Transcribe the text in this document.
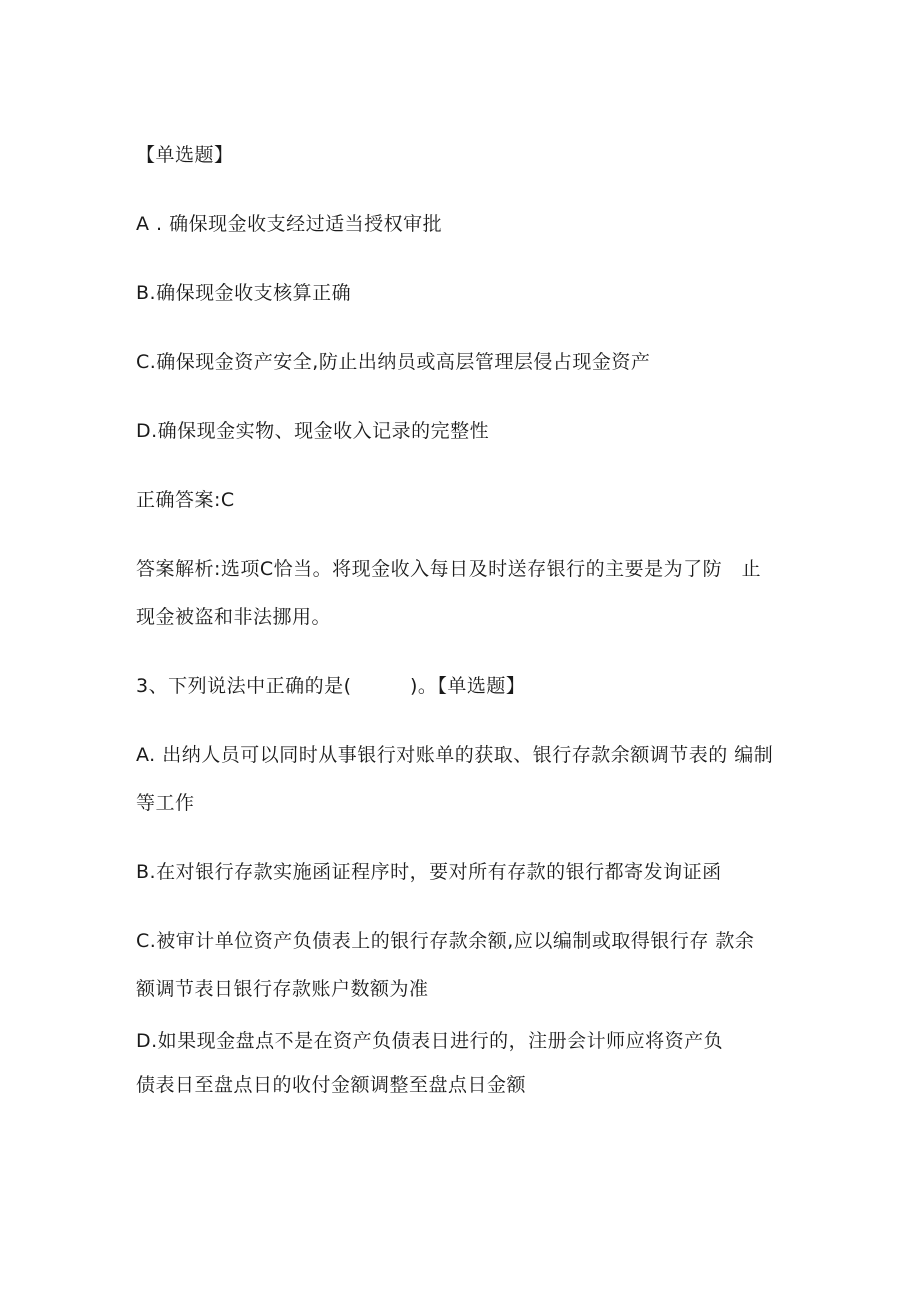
【单选题】
A . 确保现金收支经过适当授权审批
B.确保现金收支核算正确
C.确保现金资产安全,防止出纳员或高层管理层侵占现金资产
D.确保现金实物、现金收入记录的完整性
正确答案:C
答案解析:选项C恰当。将现金收入每日及时送存银行的主要是为了防　止
现金被盗和非法挪用。
3、下列说法中正确的是(　　　)。【单选题】
A. 出纳人员可以同时从事银行对账单的获取、银行存款余额调节表的 编制
等工作
B.在对银行存款实施函证程序时，要对所有存款的银行都寄发询证函
C.被审计单位资产负债表上的银行存款余额,应以编制或取得银行存 款余
额调节表日银行存款账户数额为准
D.如果现金盘点不是在资产负债表日进行的，注册会计师应将资产负
债表日至盘点日的收付金额调整至盘点日金额
